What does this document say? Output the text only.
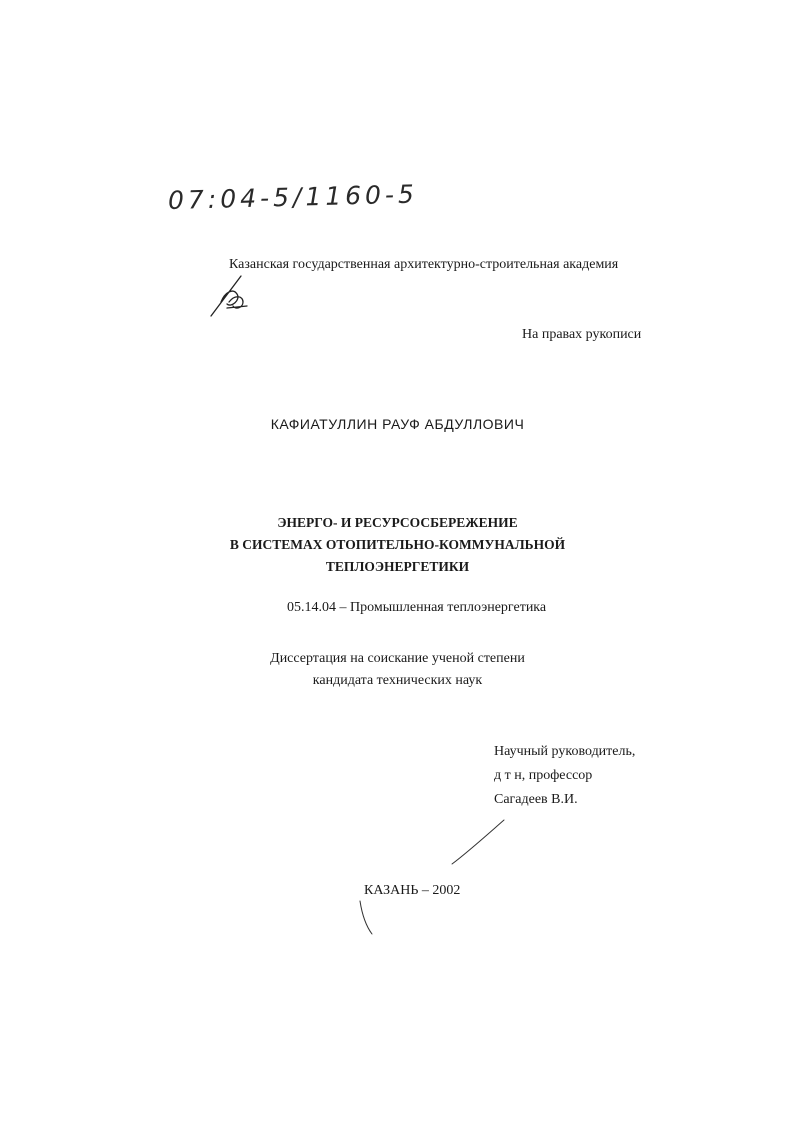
07:04-5/1160-5
Казанская государственная архитектурно-строительная академия
На правах рукописи
КАФИАТУЛЛИН РАУФ АБДУЛЛОВИЧ
ЭНЕРГО- И РЕСУРСОСБЕРЕЖЕНИЕ
В СИСТЕМАХ ОТОПИТЕЛЬНО-КОММУНАЛЬНОЙ
ТЕПЛОЭНЕРГЕТИКИ
05.14.04 – Промышленная теплоэнергетика
Диссертация на соискание ученой степени
кандидата технических наук
Научный руководитель,
д т н, профессор
Сагадеев В.И.
КАЗАНЬ – 2002
